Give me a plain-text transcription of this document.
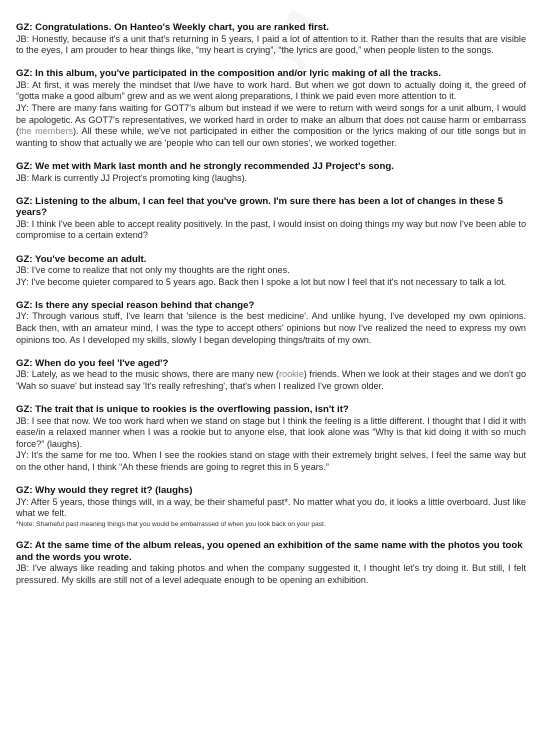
GZ: Congratulations. On Hanteo's Weekly chart, you are ranked first.

JB: Honestly, because it's a unit that's returning in 5 years, I paid a lot of attention to it. Rather than the results that are visible to the eyes, I am prouder to hear things like, “my heart is crying”, “the lyrics are good,” when people listen to the songs.

GZ: In this album, you've participated in the composition and/or lyric making of all the tracks.

JB: At first, it was merely the mindset that I/we have to work hard. But when we got down to actually doing it, the greed of “gotta make a good album” grew and as we went along preparations, I think we paid even more attention to it.

JY: There are many fans waiting for GOT7's album but instead if we were to return with weird songs for a unit album, I would be apologetic. As GOT7's representatives, we worked hard in order to make an album that does not cause harm or embarrass (the members). All these while, we've not participated in either the composition or the lyrics making of our title songs but in wanting to show that actually we are 'people who can tell our own stories', we worked together.

GZ: We met with Mark last month and he strongly recommended JJ Project's song.

JB: Mark is currently JJ Project's promoting king (laughs).

GZ: Listening to the album, I can feel that you've grown. I'm sure there has been a lot of changes in these 5 years?

JB: I think I've been able to accept reality positively. In the past, I would insist on doing things my way but now I've been able to compromise to a certain extend?

GZ: You've become an adult.

JB: I've come to realize that not only my thoughts are the right ones.

JY: I've become quieter compared to 5 years ago. Back then I spoke a lot but now I feel that it's not necessary to talk a lot.

GZ: Is there any special reason behind that change?

JY: Through various stuff, I've learn that 'silence is the best medicine'. And unlike hyung, I've developed my own opinions. Back then, with an amateur mind, I was the type to accept others' opinions but now I've realized the need to express my own opinions too. As I developed my skills, slowly I began developing things/traits of my own.

GZ: When do you feel 'I've aged'?

JB: Lately, as we head to the music shows, there are many new (rookie) friends. When we look at their stages and we don't go 'Wah so suave' but instead say 'It's really refreshing', that's when I realized I've grown older.

GZ: The trait that is unique to rookies is the overflowing passion, isn't it?

JB: I see that now. We too work hard when we stand on stage but I think the feeling is a little different. I thought that I did it with ease/in a relaxed manner when I was a rookie but to anyone else, that look alone was “Why is that kid doing it with so much force?” (laughs).

JY: It's the same for me too. When I see the rookies stand on stage with their extremely bright selves, I feel the same way but on the other hand, I think “Ah these friends are going to regret this in 5 years.”

GZ: Why would they regret it? (laughs)

JY: After 5 years, those things will, in a way, be their shameful past*. No matter what you do, it looks a little overboard. Just like what we felt.

*Note: Shameful past meaning things that you would be embarrassed of when you look back on your past.

GZ: At the same time of the album releas, you opened an exhibition of the same name with the photos you took and the words you wrote.

JB: I've always like reading and taking photos and when the company suggested it, I thought let's try doing it. But still, I felt pressured. My skills are still not of a level adequate enough to be opening an exhibition.
